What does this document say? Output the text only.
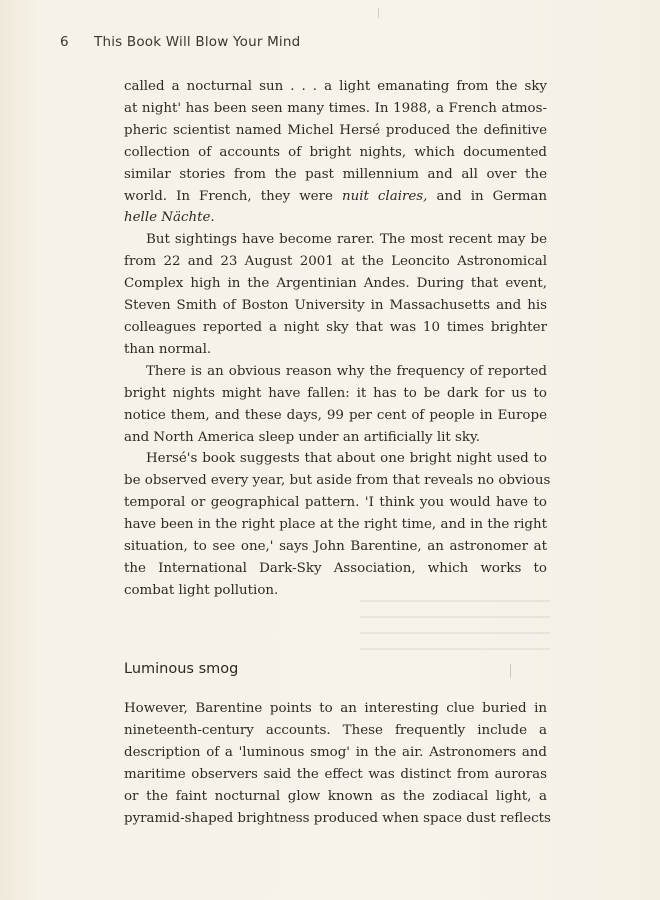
6 This Book Will Blow Your Mind
called a nocturnal sun . . . a light emanating from the sky
at night' has been seen many times. In 1988, a French atmos-
pheric scientist named Michel Hersé produced the definitive
collection of accounts of bright nights, which documented
similar stories from the past millennium and all over the
world. In French, they were nuit claires, and in German
helle Nächte.
But sightings have become rarer. The most recent may be
from 22 and 23 August 2001 at the Leoncito Astronomical
Complex high in the Argentinian Andes. During that event,
Steven Smith of Boston University in Massachusetts and his
colleagues reported a night sky that was 10 times brighter
than normal.
There is an obvious reason why the frequency of reported
bright nights might have fallen: it has to be dark for us to
notice them, and these days, 99 per cent of people in Europe
and North America sleep under an artificially lit sky.
Hersé's book suggests that about one bright night used to
be observed every year, but aside from that reveals no obvious
temporal or geographical pattern. 'I think you would have to
have been in the right place at the right time, and in the right
situation, to see one,' says John Barentine, an astronomer at
the International Dark-Sky Association, which works to
combat light pollution.
Luminous smog
However, Barentine points to an interesting clue buried in
nineteenth-century accounts. These frequently include a
description of a 'luminous smog' in the air. Astronomers and
maritime observers said the effect was distinct from auroras
or the faint nocturnal glow known as the zodiacal light, a
pyramid-shaped brightness produced when space dust reflects
